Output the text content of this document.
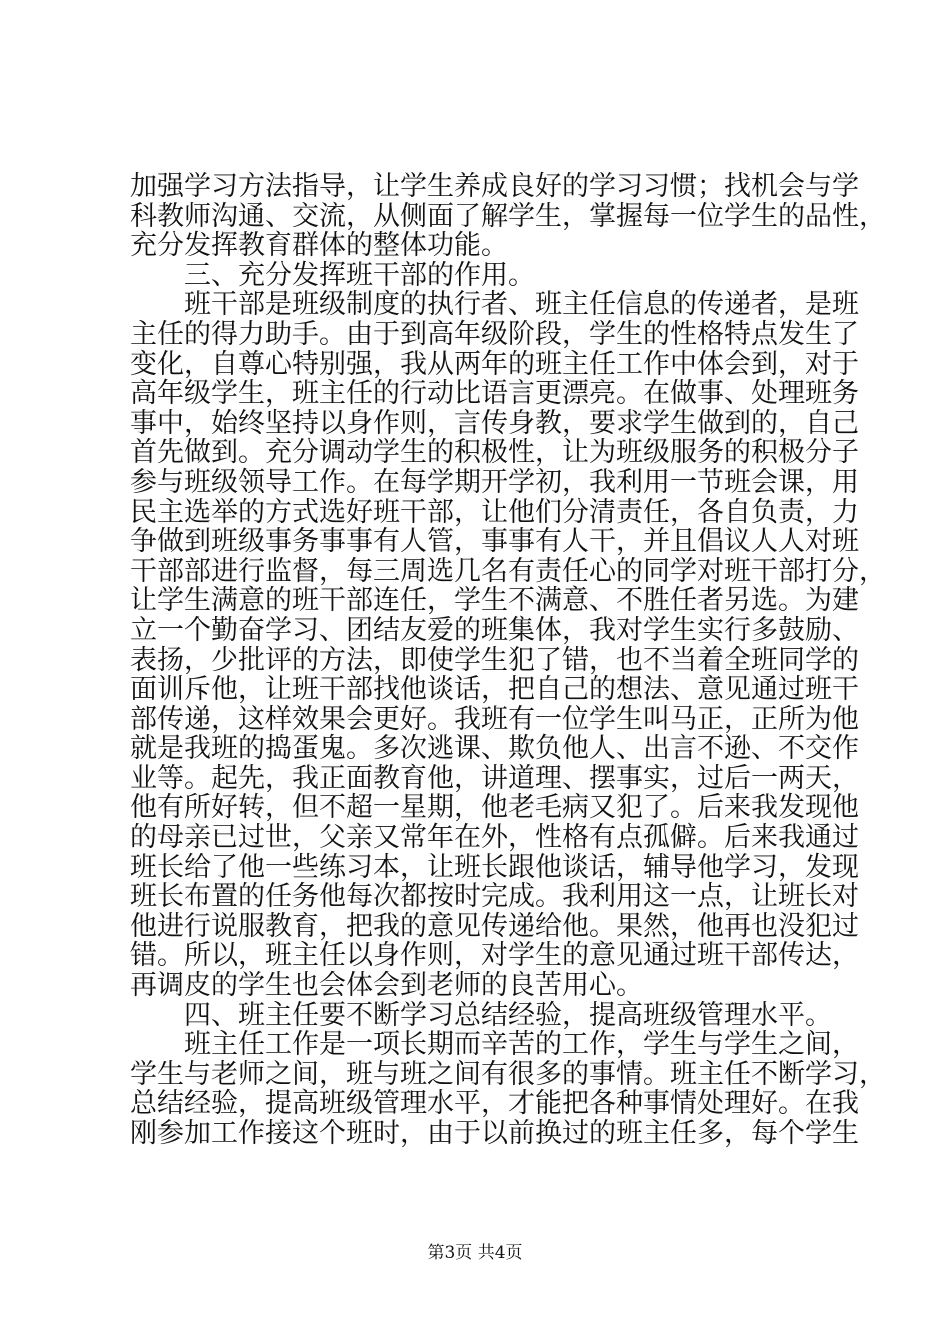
加强学习方法指导，让学生养成良好的学习习惯；找机会与学
科教师沟通、交流，从侧面了解学生，掌握每一位学生的品性，
充分发挥教育群体的整体功能。
三、充分发挥班干部的作用。
班干部是班级制度的执行者、班主任信息的传递者，是班
主任的得力助手。由于到高年级阶段，学生的性格特点发生了
变化，自尊心特别强，我从两年的班主任工作中体会到，对于
高年级学生，班主任的行动比语言更漂亮。在做事、处理班务
事中，始终坚持以身作则，言传身教，要求学生做到的，自己
首先做到。充分调动学生的积极性，让为班级服务的积极分子
参与班级领导工作。在每学期开学初，我利用一节班会课，用
民主选举的方式选好班干部，让他们分清责任，各自负责，力
争做到班级事务事事有人管，事事有人干，并且倡议人人对班
干部部进行监督，每三周选几名有责任心的同学对班干部打分，
让学生满意的班干部连任，学生不满意、不胜任者另选。为建
立一个勤奋学习、团结友爱的班集体，我对学生实行多鼓励、
表扬，少批评的方法，即使学生犯了错，也不当着全班同学的
面训斥他，让班干部找他谈话，把自己的想法、意见通过班干
部传递，这样效果会更好。我班有一位学生叫马正，正所为他
就是我班的捣蛋鬼。多次逃课、欺负他人、出言不逊、不交作
业等。起先，我正面教育他，讲道理、摆事实，过后一两天，
他有所好转，但不超一星期，他老毛病又犯了。后来我发现他
的母亲已过世，父亲又常年在外，性格有点孤僻。后来我通过
班长给了他一些练习本，让班长跟他谈话，辅导他学习，发现
班长布置的任务他每次都按时完成。我利用这一点，让班长对
他进行说服教育，把我的意见传递给他。果然，他再也没犯过
错。所以，班主任以身作则，对学生的意见通过班干部传达，
再调皮的学生也会体会到老师的良苦用心。
四、班主任要不断学习总结经验，提高班级管理水平。
班主任工作是一项长期而辛苦的工作，学生与学生之间，
学生与老师之间，班与班之间有很多的事情。班主任不断学习，
总结经验，提高班级管理水平，才能把各种事情处理好。在我
刚参加工作接这个班时，由于以前换过的班主任多，每个学生
第3页 共4页
